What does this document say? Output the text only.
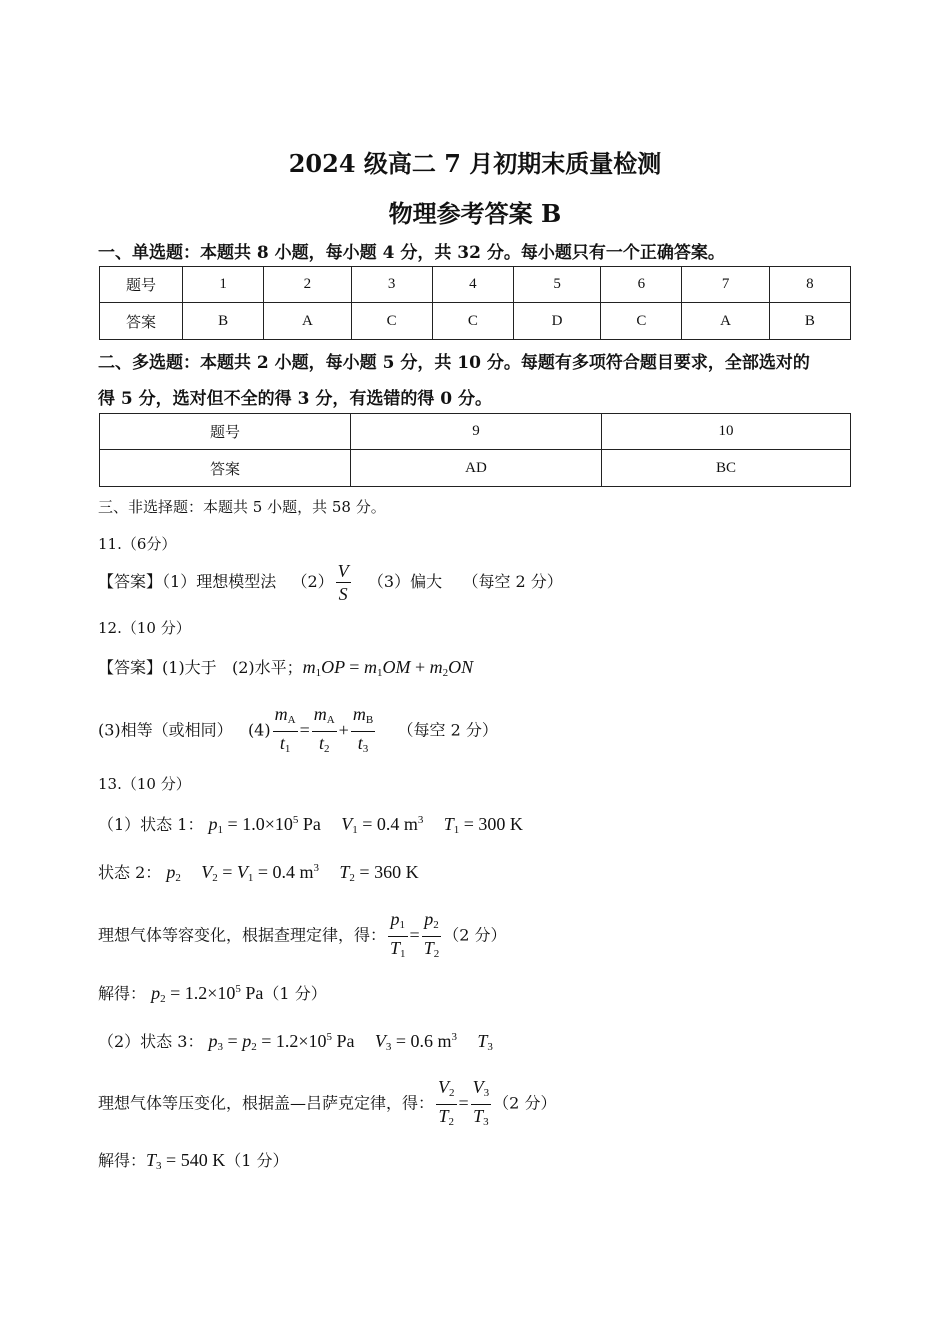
2024 级高二 7 月初期末质量检测
物理参考答案 B
一、单选题：本题共 8 小题，每小题 4 分，共 32 分。每小题只有一个正确答案。
题号	1	2	3	4	5	6	7	8
答案	B	A	C	C	D	C	A	B
二、多选题：本题共 2 小题，每小题 5 分，共 10 分。每题有多项符合题目要求，全部选对的
得 5 分，选对但不全的得 3 分，有选错的得 0 分。
题号	9	10
答案	AD	BC
三、非选择题：本题共 5 小题，共 58 分。
11.（6分）
【答案】（1）理想模型法 $(2) \frac{V}{S} (3)$偏大 （每空 2 分）
12.（10 分）
【答案】(1)大于 (2)水平；m1OP = m1OM + m2ON
(3)相等（或相同） $(4) \frac{mA}{t1} = \frac{mA}{t2} + \frac{mB}{t3}$ （每空 2 分）
13.（10 分）
（1）状态 1： $p1 = 1.0\times 10^5$ Pa V1 = 0.4 $m^3$ T1 = 300 K
状态 2： p2 V2 = V1 = 0.4 $m^3$ T2 = 360 K
理想气体等容变化，根据查理定律，得： $\frac{p1}{T1} = \frac{p2}{T2} (2$ 分）
解得： $p2 = 1.2\times 10^5$ Pa（1 分）
（2）状态 3： $p3 = p2 = 1.2\times 10^5$ Pa V3 = 0.6 $m^3$ T3
理想气体等压变化，根据盖—吕萨克定律，得： $\frac{V2}{T2} = \frac{V3}{T3} (2$ 分）
解得：T3 = 540 K（1 分）
